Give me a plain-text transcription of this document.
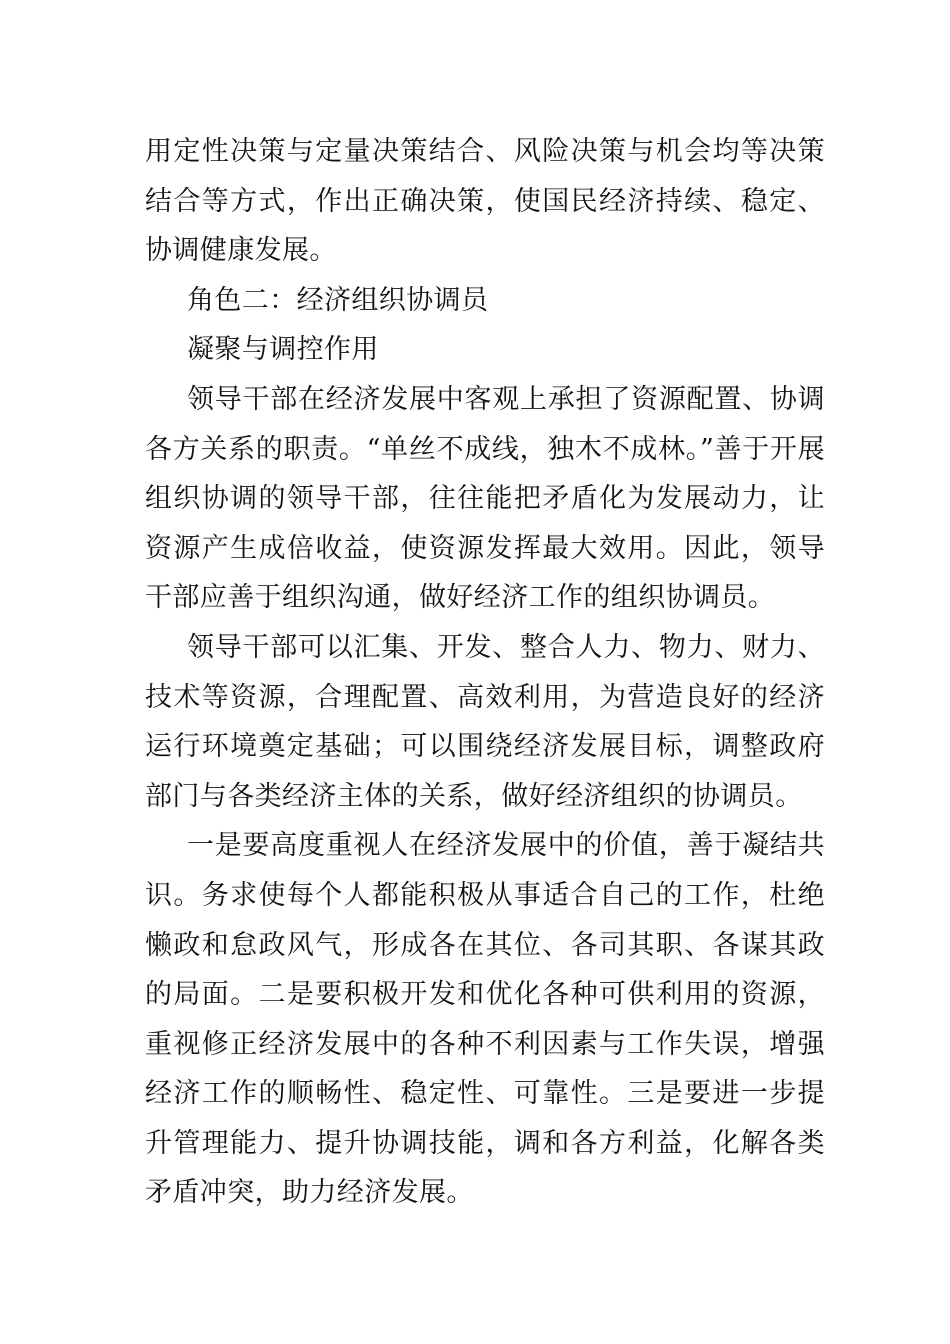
用定性决策与定量决策结合、风险决策与机会均等决策结合等方式，作出正确决策，使国民经济持续、稳定、协调健康发展。

角色二：经济组织协调员

凝聚与调控作用

领导干部在经济发展中客观上承担了资源配置、协调各方关系的职责。“单丝不成线，独木不成林。”善于开展组织协调的领导干部，往往能把矛盾化为发展动力，让资源产生成倍收益，使资源发挥最大效用。因此，领导干部应善于组织沟通，做好经济工作的组织协调员。

领导干部可以汇集、开发、整合人力、物力、财力、技术等资源，合理配置、高效利用，为营造良好的经济运行环境奠定基础；可以围绕经济发展目标，调整政府部门与各类经济主体的关系，做好经济组织的协调员。

一是要高度重视人在经济发展中的价值，善于凝结共识。务求使每个人都能积极从事适合自己的工作，杜绝懒政和怠政风气，形成各在其位、各司其职、各谋其政的局面。二是要积极开发和优化各种可供利用的资源，重视修正经济发展中的各种不利因素与工作失误，增强经济工作的顺畅性、稳定性、可靠性。三是要进一步提升管理能力、提升协调技能，调和各方利益，化解各类矛盾冲突，助力经济发展。
